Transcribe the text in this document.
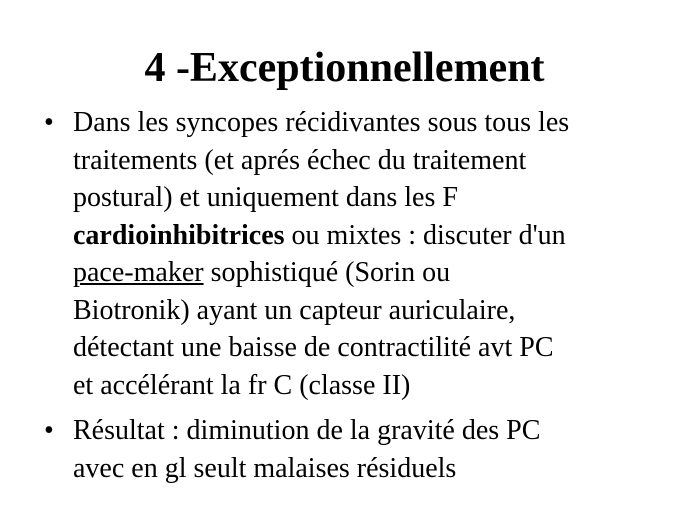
4 -Exceptionnellement
• Dans les syncopes récidivantes sous tous les
traitements (et aprés échec du traitement
postural) et uniquement dans les F
cardioinhibitrices ou mixtes : discuter d'un
pace-maker sophistiqué (Sorin ou
Biotronik) ayant un capteur auriculaire,
détectant une baisse de contractilité avt PC
et accélérant la fr C (classe II)
• Résultat : diminution de la gravité des PC
avec en gl seult malaises résiduels
